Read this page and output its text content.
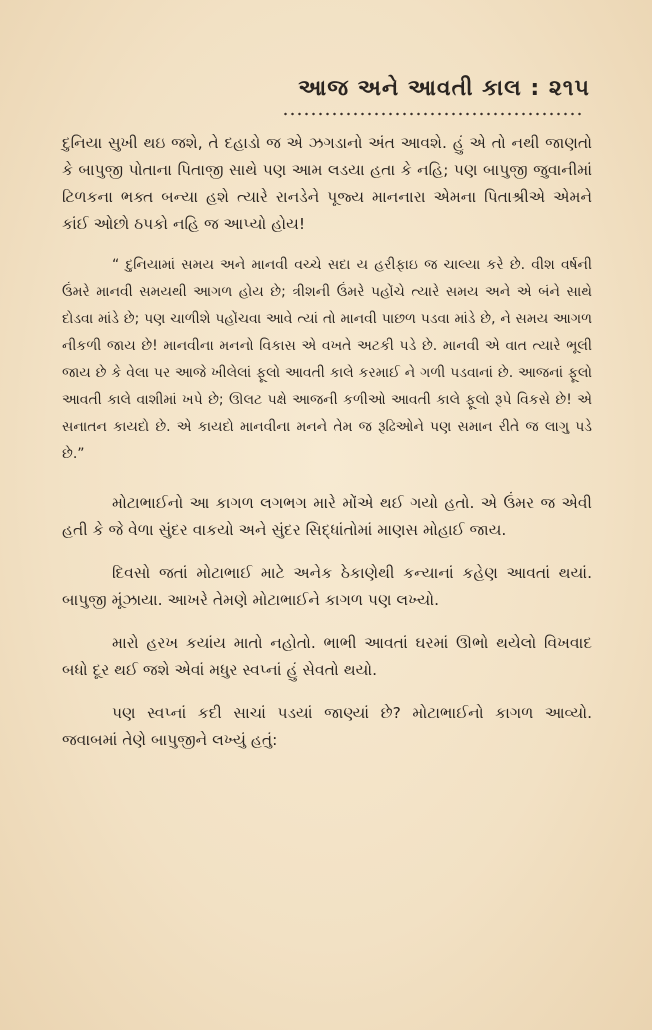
આજ અને આવતી કાલ : ૨૧૫

દુનિયા સુખી થઇ જશે, તે દહાડો જ એ ઝગડાનો અંત આવશે. હું એ તો નથી જાણતો કે બાપુજી પોતાના પિતાજી સાથે પણ આમ લડયા હતા કે નહિ; પણ બાપુજી જુવાનીમાં ટિળકના ભક્ત બન્યા હશે ત્યારે રાનડેને પૂજ્ય માનનારા એમના પિતાશ્રીએ એમને કાંઈ ઓછો ઠપકો નહિ જ આપ્યો હોય!

“ દુનિયામાં સમય અને માનવી વચ્ચે સદા ય હરીફાઇ જ ચાલ્યા કરે છે. વીશ વર્ષની ઉંમરે માનવી સમયથી આગળ હોય છે; ત્રીશની ઉંમરે પહોંચે ત્યારે સમય અને એ બંને સાથે દોડવા માંડે છે; પણ ચાળીશે પહોંચવા આવે ત્યાં તો માનવી પાછળ પડવા માંડે છે, ને સમય આગળ નીકળી જાય છે! માનવીના મનનો વિકાસ એ વખતે અટકી પડે છે. માનવી એ વાત ત્યારે ભૂલી જાય છે કે વેલા પર આજે ખીલેલાં ફૂલો આવતી કાલે કરમાઈ ને ગળી પડવાનાં છે. આજનાં ફૂલો આવતી કાલે વાશીમાં ખપે છે; ઊલટ પક્ષે આજની કળીઓ આવતી કાલે ફૂલો રૂપે વિકસે છે! એ સનાતન કાયદો છે. એ કાયદો માનવીના મનને તેમ જ રૂઢિઓને પણ સમાન રીતે જ લાગુ પડે છે.”

મોટાભાઈનો આ કાગળ લગભગ મારે મોંએ થઈ ગયો હતો. એ ઉંમર જ એવી હતી કે જે વેળા સુંદર વાકયો અને સુંદર સિદ્ધાંતોમાં માણસ મોહાઈ જાય.

દિવસો જતાં મોટાભાઈ માટે અનેક ઠેકાણેથી કન્યાનાં કહેણ આવતાં થયાં. બાપુજી મૂંઝાયા. આખરે તેમણે મોટાભાઈને કાગળ પણ લખ્યો.

મારો હરખ કયાંય માતો નહોતો. ભાભી આવતાં ઘરમાં ઊભો થયેલો વિખવાદ બધો દૂર થઈ જશે એવાં મધુર સ્વપ્નાં હું સેવતો થયો.

પણ સ્વપ્નાં કદી સાચાં પડયાં જાણ્યાં છે? મોટાભાઈનો કાગળ આવ્યો. જવાબમાં તેણે બાપુજીને લખ્યું હતું:
